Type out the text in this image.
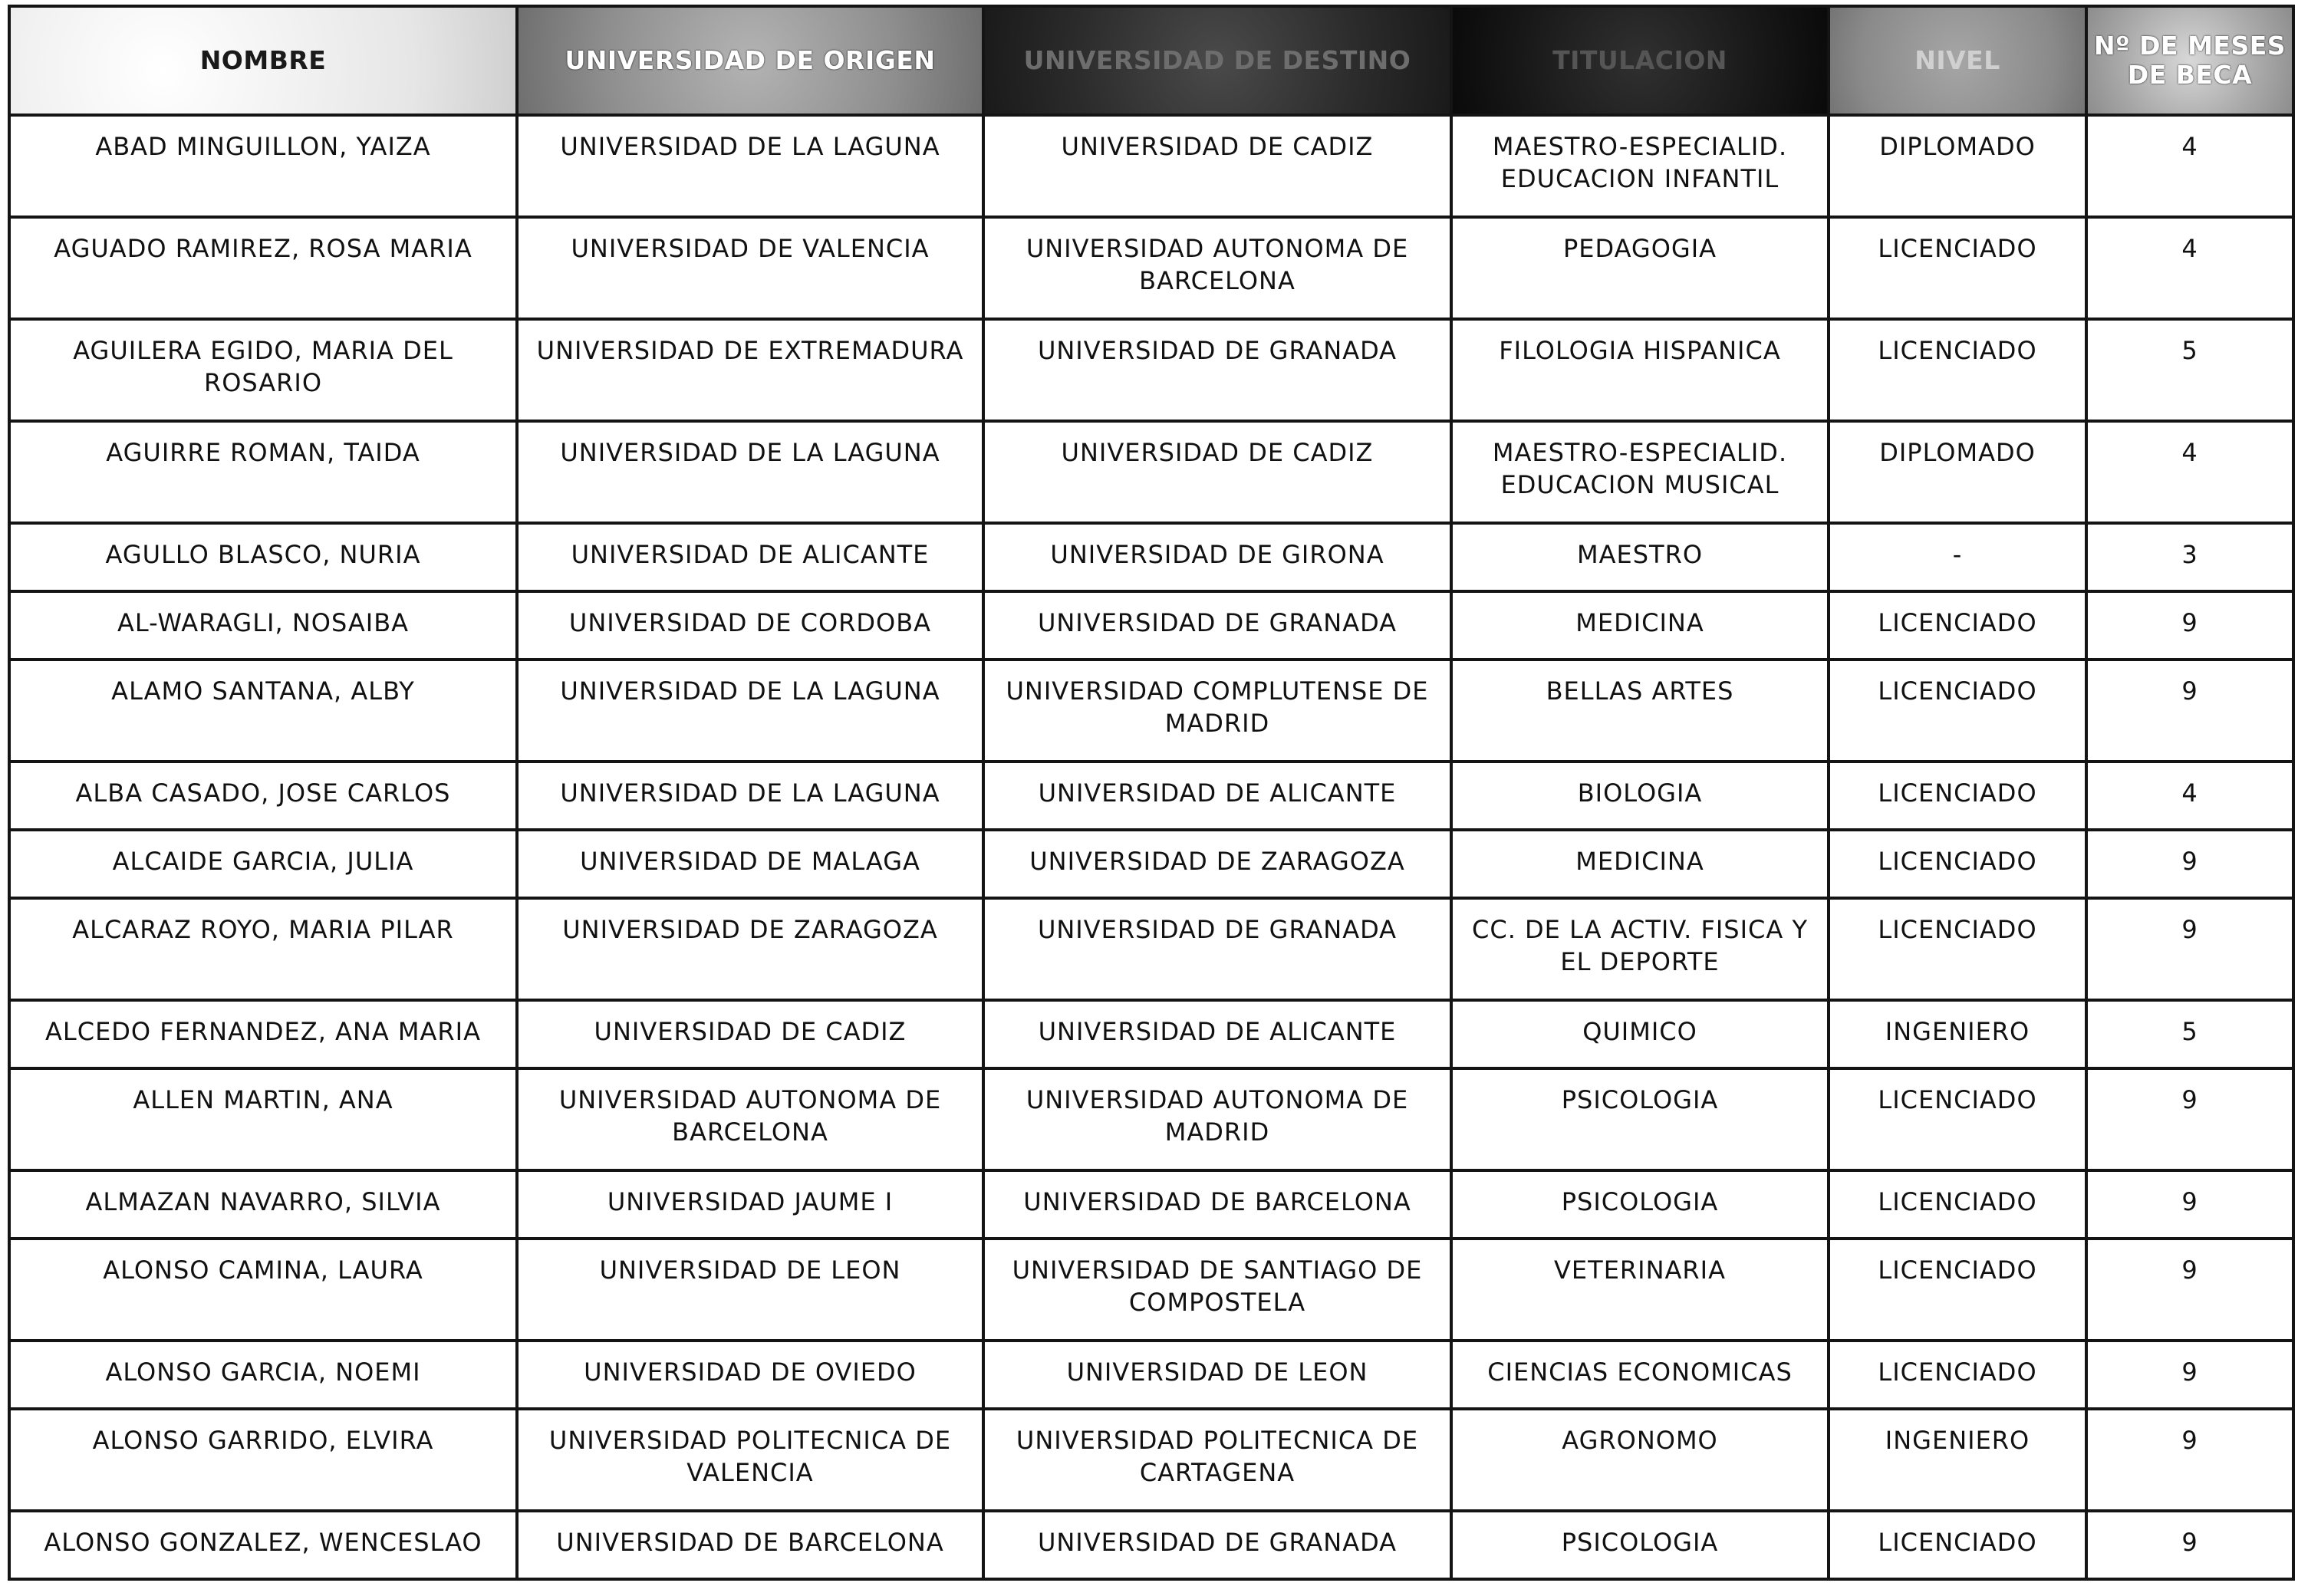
NOMBRE	UNIVERSIDAD DE ORIGEN	UNIVERSIDAD DE DESTINO	TITULACION	NIVEL	Nº DE MESES DE BECA
ABAD MINGUILLON, YAIZA	UNIVERSIDAD DE LA LAGUNA	UNIVERSIDAD DE CADIZ	MAESTRO-ESPECIALID. EDUCACION INFANTIL	DIPLOMADO	4
AGUADO RAMIREZ, ROSA MARIA	UNIVERSIDAD DE VALENCIA	UNIVERSIDAD AUTONOMA DE BARCELONA	PEDAGOGIA	LICENCIADO	4
AGUILERA EGIDO, MARIA DEL ROSARIO	UNIVERSIDAD DE EXTREMADURA	UNIVERSIDAD DE GRANADA	FILOLOGIA HISPANICA	LICENCIADO	5
AGUIRRE ROMAN, TAIDA	UNIVERSIDAD DE LA LAGUNA	UNIVERSIDAD DE CADIZ	MAESTRO-ESPECIALID. EDUCACION MUSICAL	DIPLOMADO	4
AGULLO BLASCO, NURIA	UNIVERSIDAD DE ALICANTE	UNIVERSIDAD DE GIRONA	MAESTRO	-	3
AL-WARAGLI, NOSAIBA	UNIVERSIDAD DE CORDOBA	UNIVERSIDAD DE GRANADA	MEDICINA	LICENCIADO	9
ALAMO SANTANA, ALBY	UNIVERSIDAD DE LA LAGUNA	UNIVERSIDAD COMPLUTENSE DE MADRID	BELLAS ARTES	LICENCIADO	9
ALBA CASADO, JOSE CARLOS	UNIVERSIDAD DE LA LAGUNA	UNIVERSIDAD DE ALICANTE	BIOLOGIA	LICENCIADO	4
ALCAIDE GARCIA, JULIA	UNIVERSIDAD DE MALAGA	UNIVERSIDAD DE ZARAGOZA	MEDICINA	LICENCIADO	9
ALCARAZ ROYO, MARIA PILAR	UNIVERSIDAD DE ZARAGOZA	UNIVERSIDAD DE GRANADA	CC. DE LA ACTIV. FISICA Y EL DEPORTE	LICENCIADO	9
ALCEDO FERNANDEZ, ANA MARIA	UNIVERSIDAD DE CADIZ	UNIVERSIDAD DE ALICANTE	QUIMICO	INGENIERO	5
ALLEN MARTIN, ANA	UNIVERSIDAD AUTONOMA DE BARCELONA	UNIVERSIDAD AUTONOMA DE MADRID	PSICOLOGIA	LICENCIADO	9
ALMAZAN NAVARRO, SILVIA	UNIVERSIDAD JAUME I	UNIVERSIDAD DE BARCELONA	PSICOLOGIA	LICENCIADO	9
ALONSO CAMINA, LAURA	UNIVERSIDAD DE LEON	UNIVERSIDAD DE SANTIAGO DE COMPOSTELA	VETERINARIA	LICENCIADO	9
ALONSO GARCIA, NOEMI	UNIVERSIDAD DE OVIEDO	UNIVERSIDAD DE LEON	CIENCIAS ECONOMICAS	LICENCIADO	9
ALONSO GARRIDO, ELVIRA	UNIVERSIDAD POLITECNICA DE VALENCIA	UNIVERSIDAD POLITECNICA DE CARTAGENA	AGRONOMO	INGENIERO	9
ALONSO GONZALEZ, WENCESLAO	UNIVERSIDAD DE BARCELONA	UNIVERSIDAD DE GRANADA	PSICOLOGIA	LICENCIADO	9
